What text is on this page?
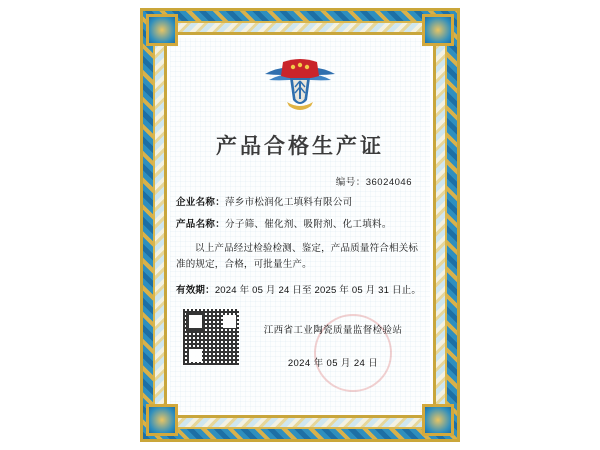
产品合格生产证
编号：36024046
企业名称：萍乡市松润化工填料有限公司
产品名称：分子筛、催化剂、吸附剂、化工填料。
以上产品经过检验检测、鉴定，产品质量符合相关标准的规定，合格，可批量生产。
有效期：2024 年 05 月 24 日至 2025 年 05 月 31 日止。
江西省工业陶瓷质量监督检验站
2024 年 05 月 24 日
